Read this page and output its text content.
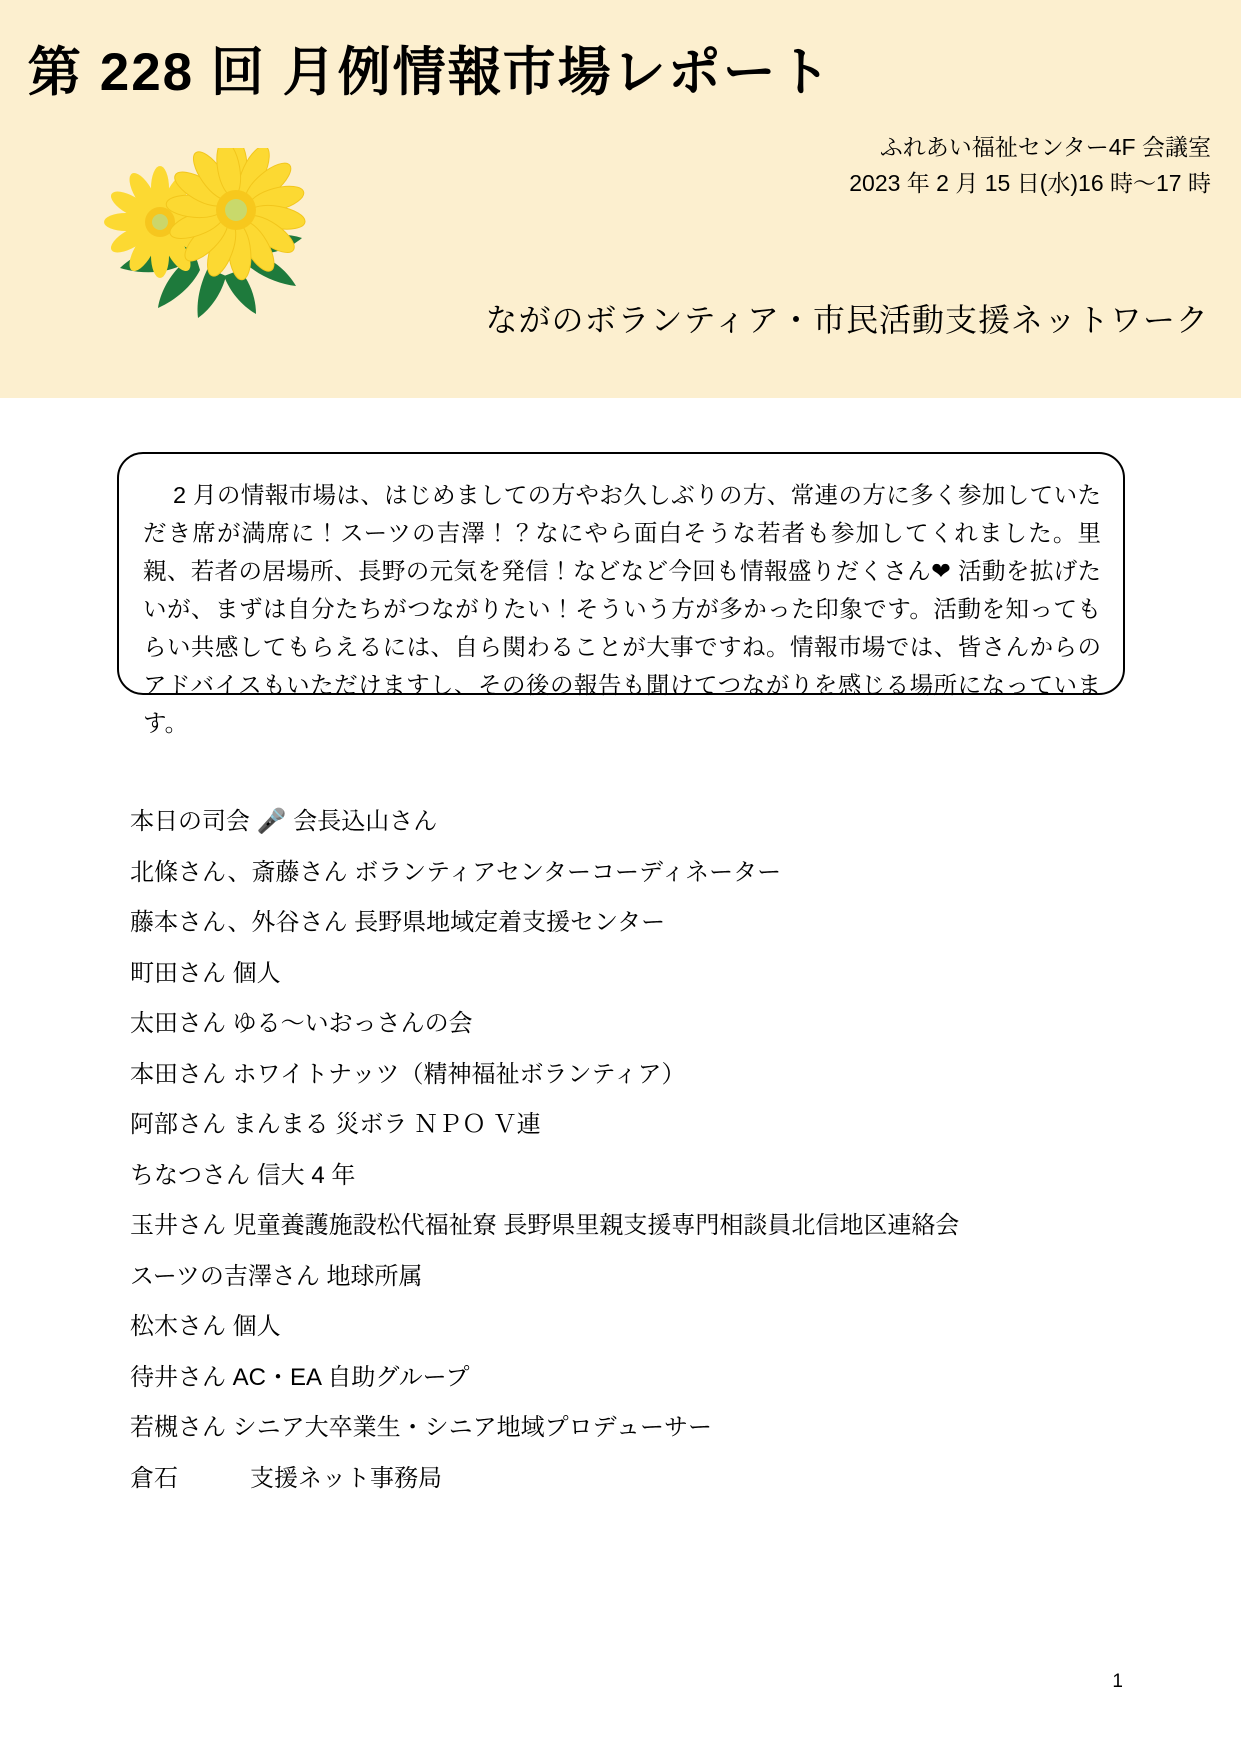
第 228 回 月例情報市場レポート
ふれあい福祉センター4F 会議室
2023 年 2 月 15 日(水)16 時〜17 時
ながのボランティア・市民活動支援ネットワーク
2 月の情報市場は、はじめましての方やお久しぶりの方、常連の方に多く参加していただき席が満席に！スーツの吉澤！？なにやら面白そうな若者も参加してくれました。里親、若者の居場所、長野の元気を発信！などなど今回も情報盛りだくさん❤ 活動を拡げたいが、まずは自分たちがつながりたい！そういう方が多かった印象です。活動を知ってもらい共感してもらえるには、自ら関わることが大事ですね。情報市場では、皆さんからのアドバイスもいただけますし、その後の報告も聞けてつながりを感じる場所になっています。
本日の司会 🎤 会長込山さん
北條さん、斎藤さん ボランティアセンターコーディネーター
藤本さん、外谷さん 長野県地域定着支援センター
町田さん 個人
太田さん ゆる〜いおっさんの会
本田さん ホワイトナッツ（精神福祉ボランティア）
阿部さん まんまる 災ボラ ＮＰＯ Ｖ連
ちなつさん 信大 4 年
玉井さん 児童養護施設松代福祉寮 長野県里親支援専門相談員北信地区連絡会
スーツの吉澤さん 地球所属
松木さん 個人
待井さん AC・EA 自助グループ
若槻さん シニア大卒業生・シニア地域プロデューサー
倉石　　　支援ネット事務局
1
